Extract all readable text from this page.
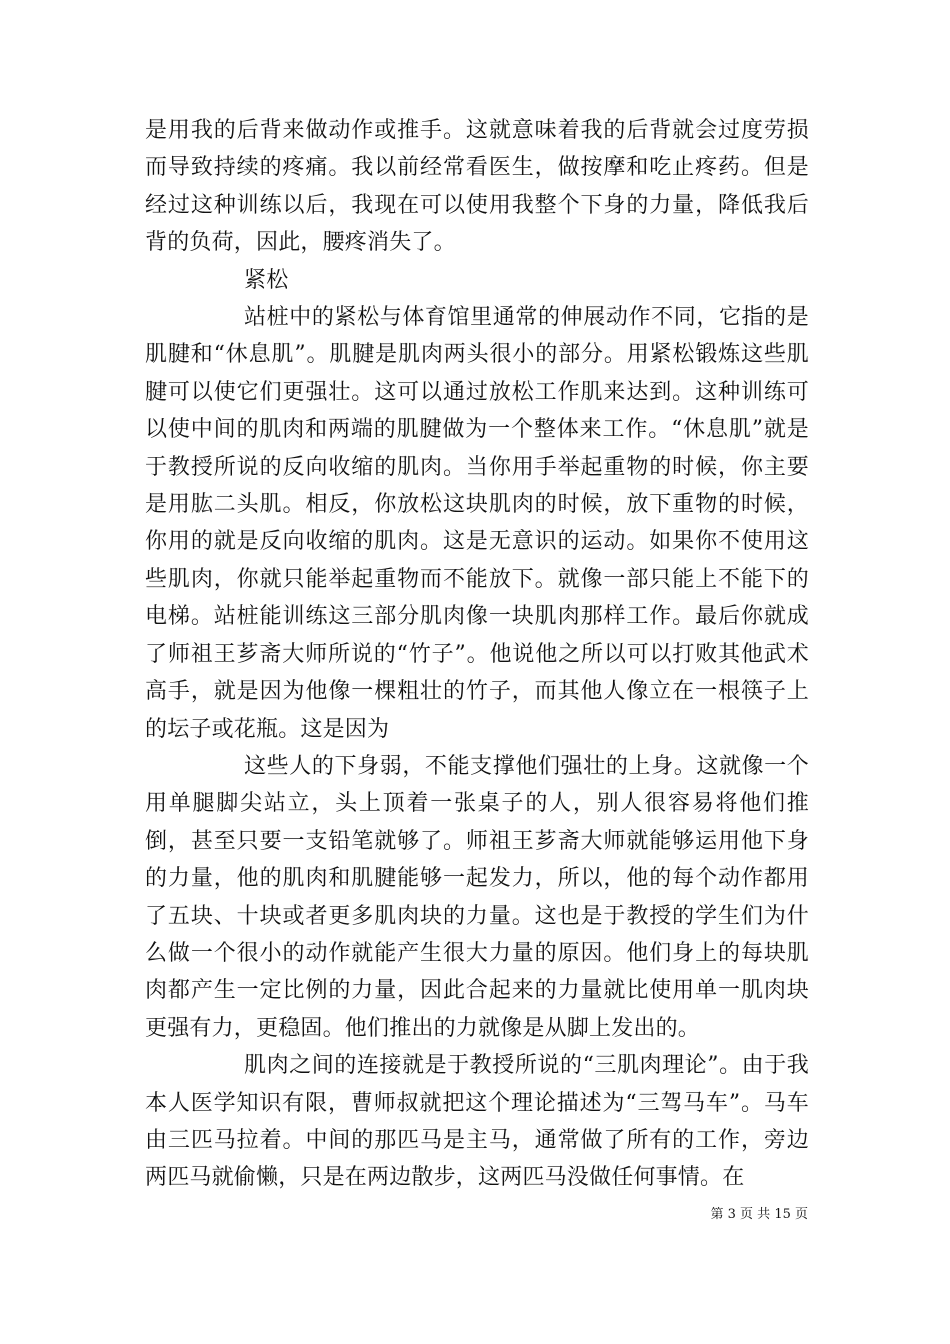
是用我的后背来做动作或推手。这就意味着我的后背就会过度劳损而导致持续的疼痛。我以前经常看医生，做按摩和吃止疼药。但是经过这种训练以后，我现在可以使用我整个下身的力量，降低我后背的负荷，因此，腰疼消失了。

紧松

站桩中的紧松与体育馆里通常的伸展动作不同，它指的是肌腱和“休息肌”。肌腱是肌肉两头很小的部分。用紧松锻炼这些肌腱可以使它们更强壮。这可以通过放松工作肌来达到。这种训练可以使中间的肌肉和两端的肌腱做为一个整体来工作。“休息肌”就是于教授所说的反向收缩的肌肉。当你用手举起重物的时候，你主要是用肱二头肌。相反，你放松这块肌肉的时候，放下重物的时候，你用的就是反向收缩的肌肉。这是无意识的运动。如果你不使用这些肌肉，你就只能举起重物而不能放下。就像一部只能上不能下的电梯。站桩能训练这三部分肌肉像一块肌肉那样工作。最后你就成了师祖王芗斋大师所说的“竹子”。他说他之所以可以打败其他武术高手，就是因为他像一棵粗壮的竹子，而其他人像立在一根筷子上的坛子或花瓶。这是因为

这些人的下身弱，不能支撑他们强壮的上身。这就像一个用单腿脚尖站立，头上顶着一张桌子的人，别人很容易将他们推倒，甚至只要一支铅笔就够了。师祖王芗斋大师就能够运用他下身的力量，他的肌肉和肌腱能够一起发力，所以，他的每个动作都用了五块、十块或者更多肌肉块的力量。这也是于教授的学生们为什么做一个很小的动作就能产生很大力量的原因。他们身上的每块肌肉都产生一定比例的力量，因此合起来的力量就比使用单一肌肉块更强有力，更稳固。他们推出的力就像是从脚上发出的。

肌肉之间的连接就是于教授所说的“三肌肉理论”。由于我本人医学知识有限，曹师叔就把这个理论描述为“三驾马车”。马车由三匹马拉着。中间的那匹马是主马，通常做了所有的工作，旁边两匹马就偷懒，只是在两边散步，这两匹马没做任何事情。在

第 3 页 共 15 页
